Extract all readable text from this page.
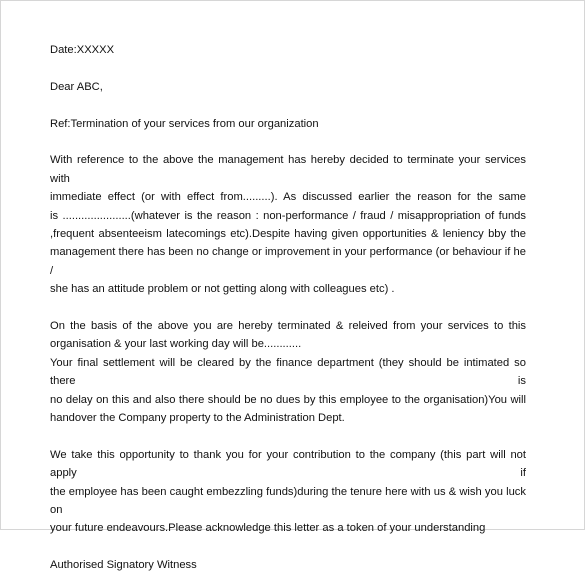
Date:XXXXX

Dear ABC,

Ref:Termination of your services from our organization

With reference to the above the management has hereby decided to terminate your services with
immediate effect (or with effect from.........). As discussed earlier the reason for the same
is ......................(whatever is the reason : non-performance / fraud / misappropriation of funds
,frequent absenteeism latecomings etc).Despite having given opportunities & leniency bby the
management there has been no change or improvement in your performance (or behaviour if he /
she has an attitude problem or not getting along with colleagues etc) .
On the basis of the above you are hereby terminated & releived from your services to this
organisation & your last working day will be............
Your final settlement will be cleared by the finance department (they should be intimated so there is
no delay on this and also there should be no dues by this employee to the organisation)You will
handover the Company property to the Administration Dept.
We take this opportunity to thank you for your contribution to the company (this part will not apply if
the employee has been caught embezzling funds)during the tenure here with us & wish you luck on
your future endeavours.Please acknowledge this letter as a token of your understanding

Authorised Signatory Witness
